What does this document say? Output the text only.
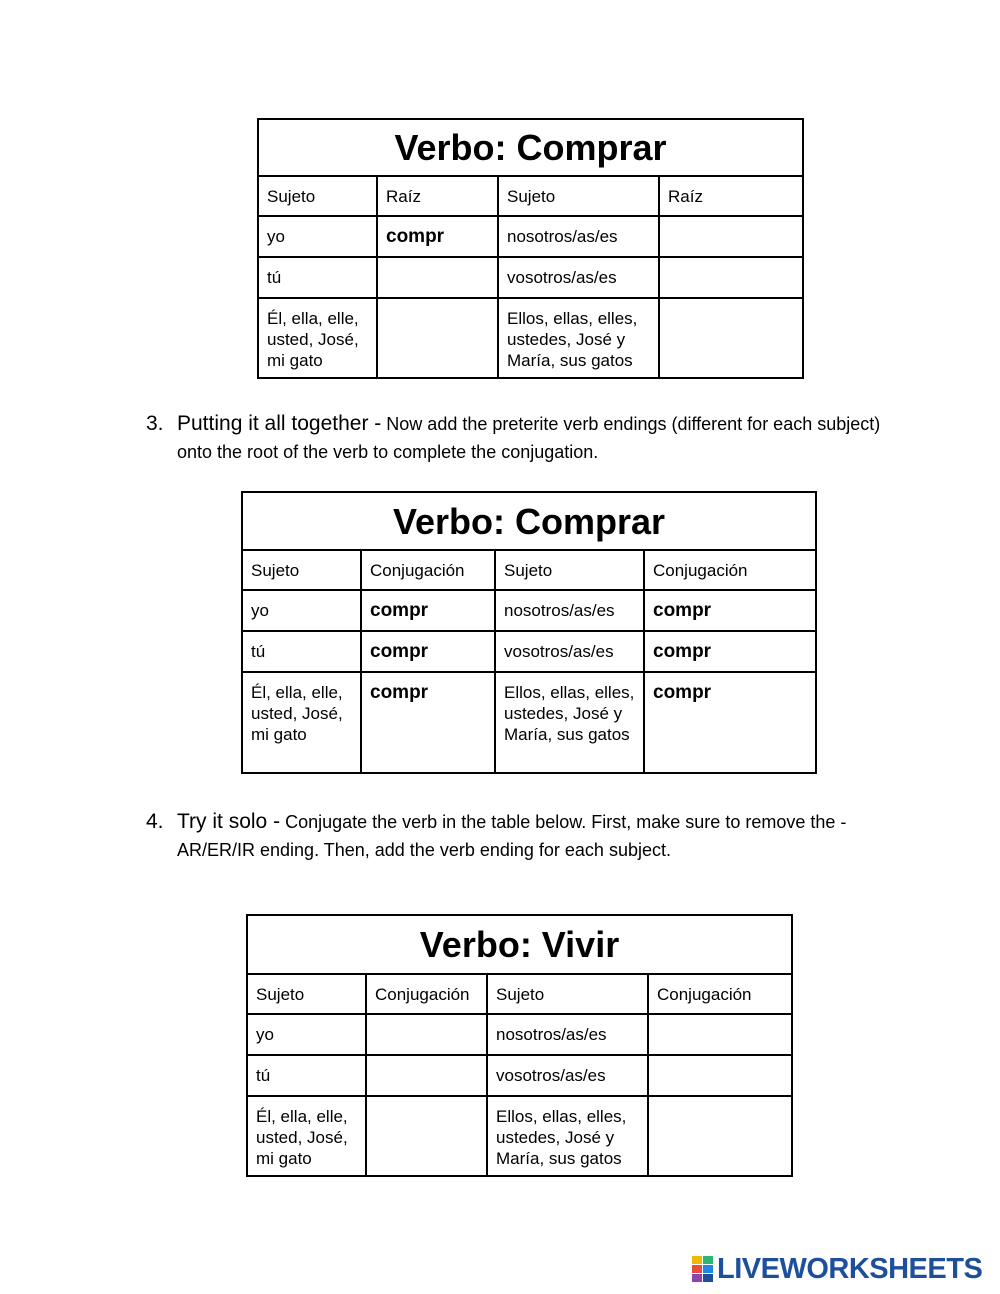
Verbo: Comprar			
Sujeto	Raíz	Sujeto	Raíz
yo	compr	nosotros/as/es	
tú		vosotros/as/es	
Él, ella, elle, usted, José, mi gato		Ellos, ellas, elles, ustedes, José y María, sus gatos	
3. Putting it all together - Now add the preterite verb endings (different for each subject) onto the root of the verb to complete the conjugation.
Verbo: Comprar			
Sujeto	Conjugación	Sujeto	Conjugación
yo	compr	nosotros/as/es	compr
tú	compr	vosotros/as/es	compr
Él, ella, elle, usted, José, mi gato	compr	Ellos, ellas, elles, ustedes, José y María, sus gatos	compr
4. Try it solo - Conjugate the verb in the table below. First, make sure to remove the -AR/ER/IR ending. Then, add the verb ending for each subject.
Verbo: Vivir			
Sujeto	Conjugación	Sujeto	Conjugación
yo		nosotros/as/es	
tú		vosotros/as/es	
Él, ella, elle, usted, José, mi gato		Ellos, ellas, elles, ustedes, José y María, sus gatos	
LIVEWORKSHEETS
